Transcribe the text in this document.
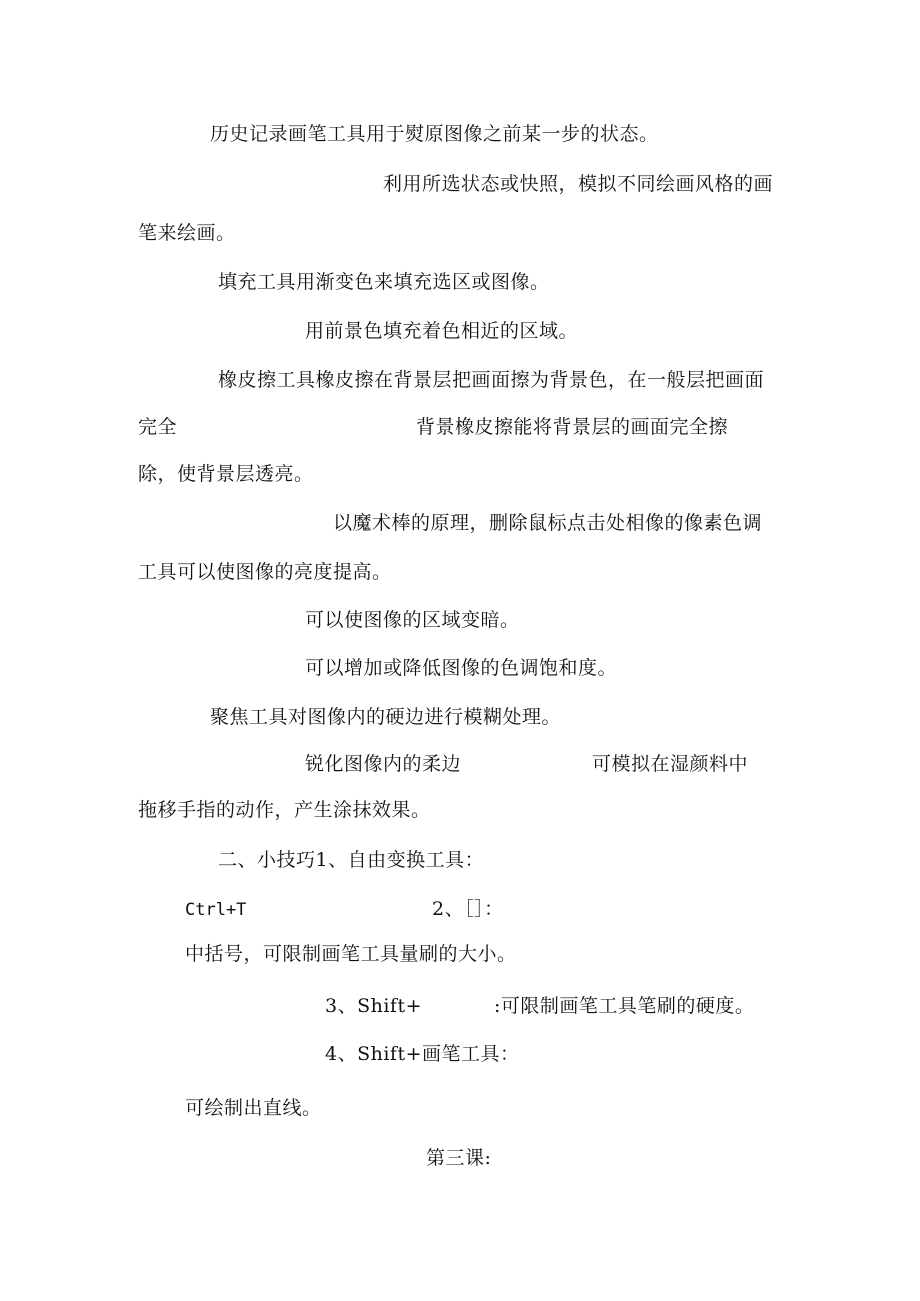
历史记录画笔工具用于熨原图像之前某一步的状态。
利用所选状态或快照，模拟不同绘画风格的画
笔来绘画。
填充工具用渐变色来填充选区或图像。
用前景色填充着色相近的区域。
橡皮擦工具橡皮擦在背景层把画面擦为背景色，在一般层把画面
完全	背景橡皮擦能将背景层的画面完全擦
除，使背景层透亮。
以魔术棒的原理，删除鼠标点击处相像的像素色调
工具可以使图像的亮度提高。
可以使图像的区域变暗。
可以增加或降低图像的色调饱和度。
聚焦工具对图像内的硬边进行模糊处理。
锐化图像内的柔边	可模拟在湿颜料中
拖移手指的动作，产生涂抹效果。
二、小技巧1、自由变换工具：
Ctrl+T	2、［］：
中括号，可限制画笔工具量刷的大小。
3、Shift+	:可限制画笔工具笔刷的硬度。
4、Shift+画笔工具：
可绘制出直线。
第三课:
